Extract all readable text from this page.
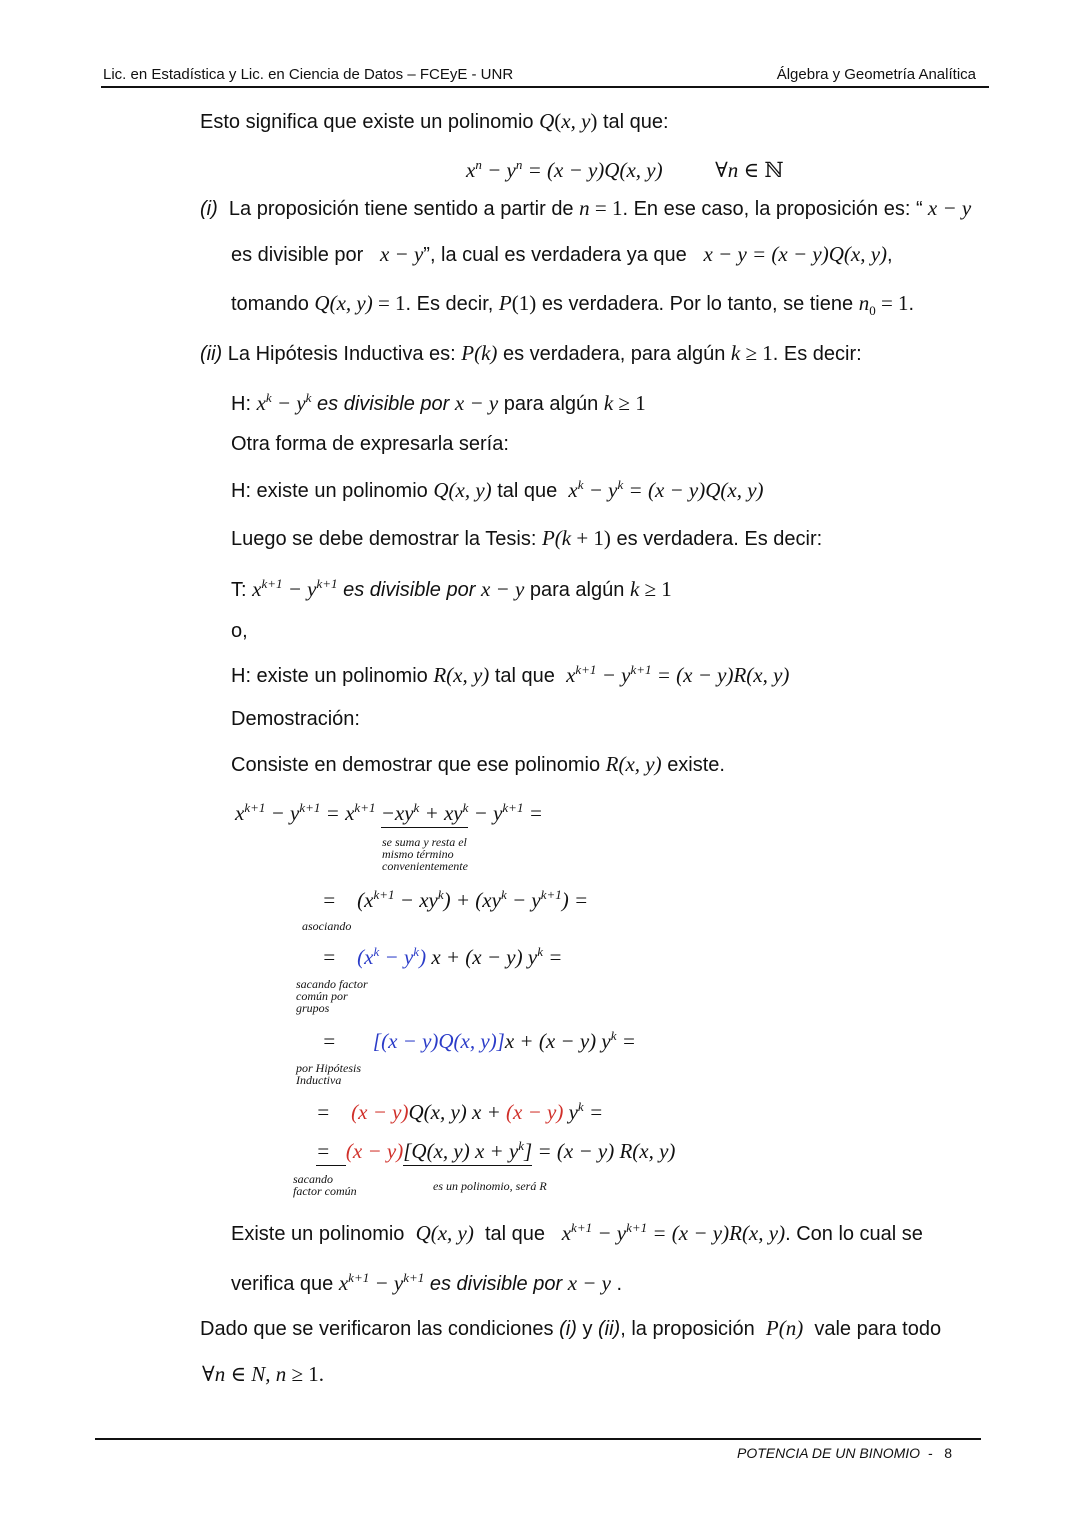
Lic. en Estadística y Lic. en Ciencia de Datos – FCEyE - UNR	Álgebra y Geometría Analítica
Esto significa que existe un polinomio Q(x, y) tal que:
$x^n - y^n = (x - y)Q(x$, y)          ∀n ∈ ℕ
(i) La proposición tiene sentido a partir de n = 1. En ese caso, la proposición es: “ x − y
es divisible por x − y”, la cual es verdadera ya que x − y = (x − y)Q(x, y),
tomando Q(x, y) = 1. Es decir, P(1) es verdadera. Por lo tanto, se tiene $n_0 = 1$.
(ii) La Hipótesis Inductiva es: P(k) es verdadera, para algún k ≥ 1. Es decir:
H: $x^k - y^k$ es divisible por x − y para algún k ≥ 1
Otra forma de expresarla sería:
H: existe un polinomio Q(x, y) tal que $x^k - y^k = (x - y)Q(x$, y)
Luego se debe demostrar la Tesis: P(k + 1) es verdadera. Es decir:
T: $x^{k+1} - y^{k+1}$ es divisible por x − y para algún k ≥ 1
o,
H: existe un polinomio R(x, y) tal que $x^{k+1} - y^{k+1} = (x - y)R(x$, y)
Demostración:
Consiste en demostrar que ese polinomio R(x, y) existe.
$x^{k+1} - y^{k+1} = x^{k+1} -xy^k + xy^k - y^{k+1}$ =
se suma y resta el mismo término convenientemente
=    $(x^{k+1} - xy^k) + (xy^k - y^{k+1})$ =
asociando
=    $(x^k - y^k) x + (x - y) y^k$ =
sacando factor común por grupos
=       [(x − y)Q(x, y)]x + (x − y) $y^k$ =
por Hipótesis Inductiva
=    (x − y)Q(x, y) x + (x − y) $y^k$ =
=   (x − y)[Q(x, y) $x + y^k] = (x - y)$ R(x, y)
sacando factor común	es un polinomio, será R
Existe un polinomio Q(x, y) tal que $x^{k+1} - y^{k+1} = (x - y)R(x$, y). Con lo cual se
verifica que $x^{k+1} - y^{k+1}$ es divisible por x − y .
Dado que se verificaron las condiciones (i) y (ii), la proposición P(n) vale para todo
∀n ∈ N, n ≥ 1.
POTENCIA DE UN BINOMIO - 8
